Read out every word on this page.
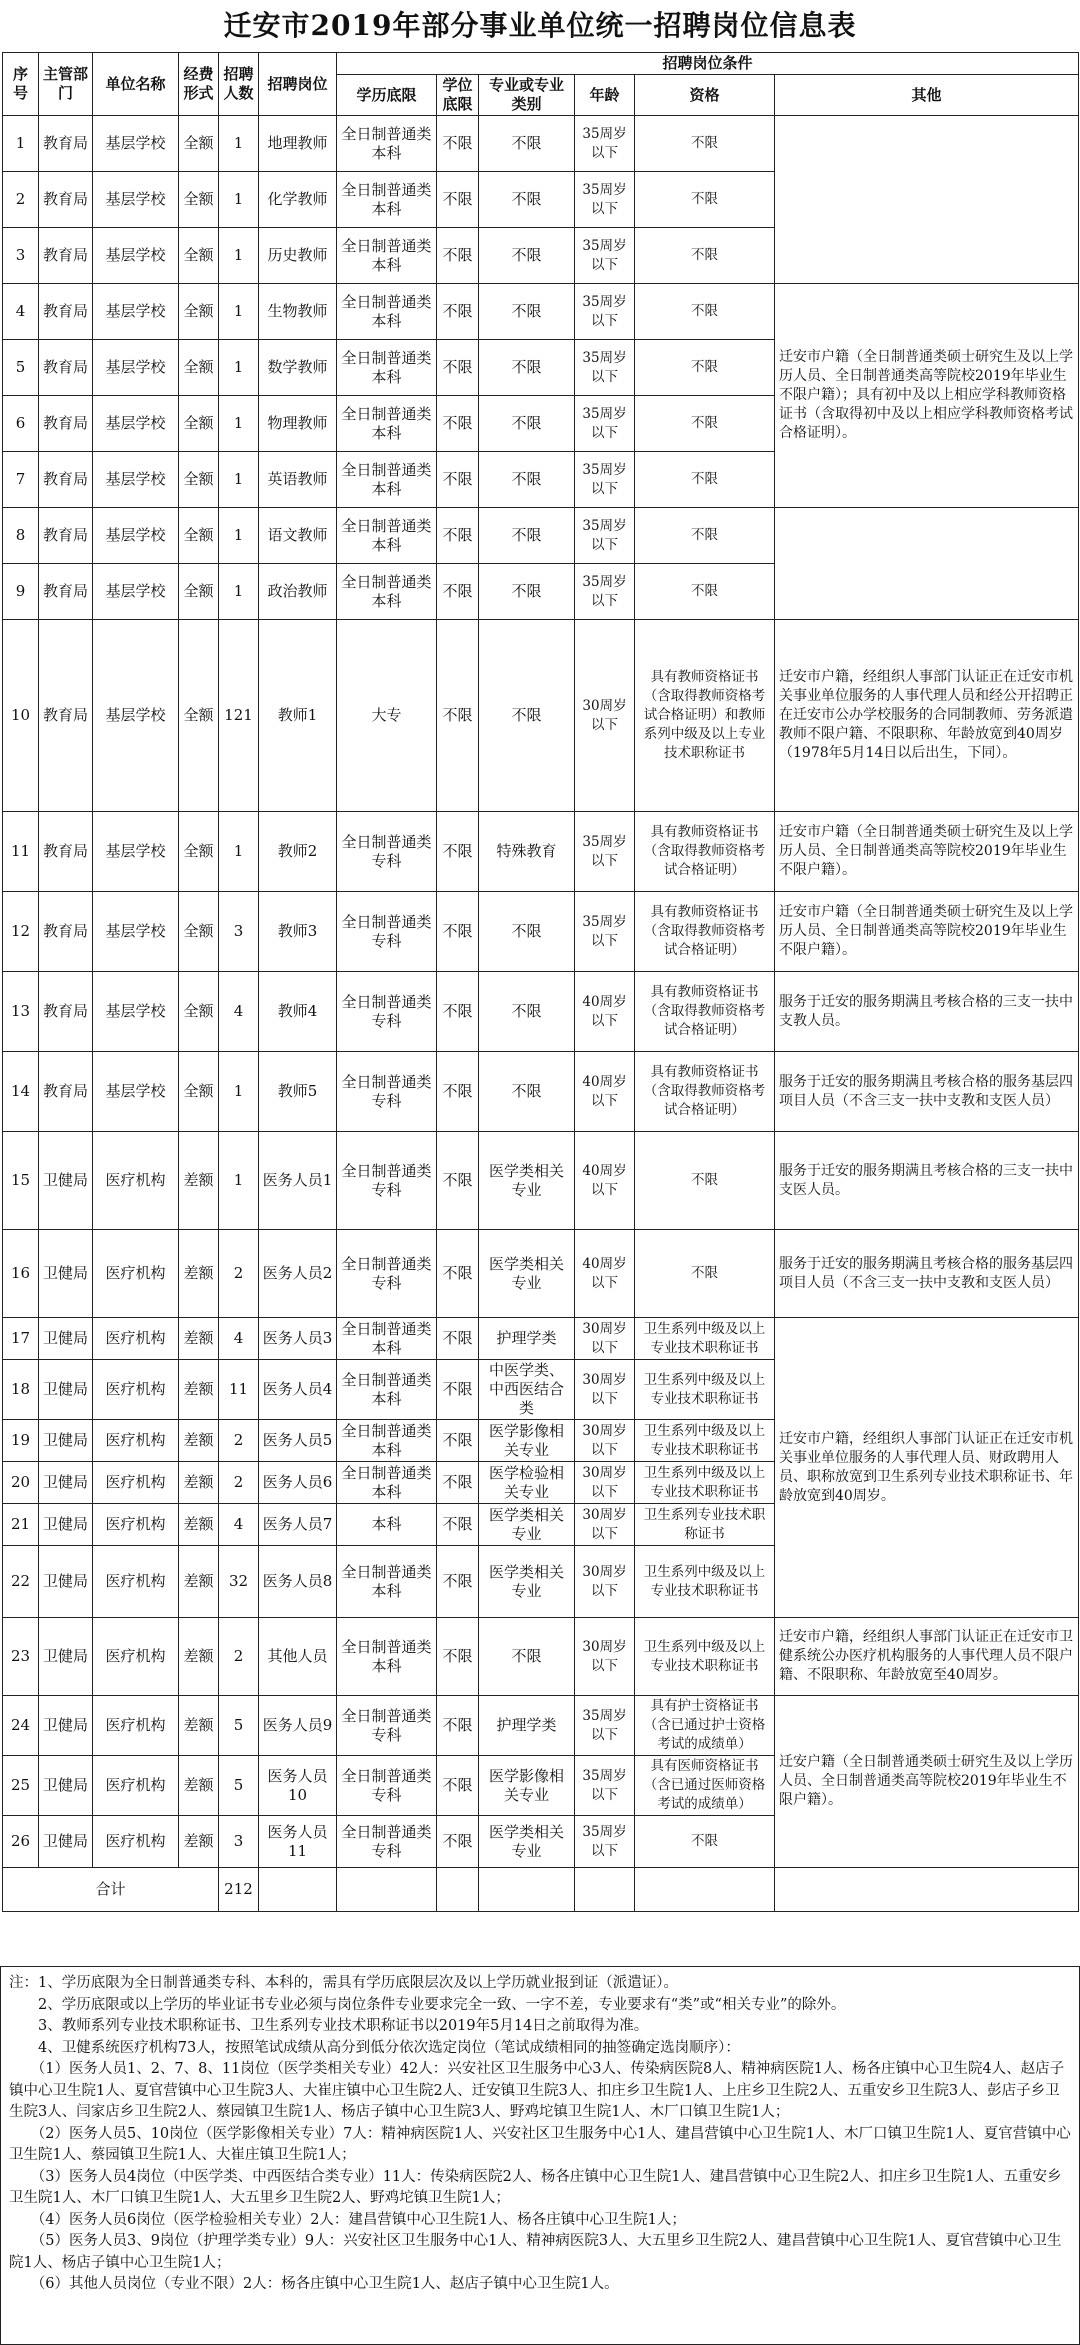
迁安市2019年部分事业单位统一招聘岗位信息表
序号	主管部门	单位名称	经费形式	招聘人数	招聘岗位	招聘岗位条件						
						学历底限	学位底限	专业或专业类别	年龄	资格	其他	
1	教育局	基层学校	全额	1	地理教师	全日制普通类本科	不限	不限	35周岁以下	不限		
2	教育局	基层学校	全额	1	化学教师	全日制普通类本科	不限	不限	35周岁以下	不限		
3	教育局	基层学校	全额	1	历史教师	全日制普通类本科	不限	不限	35周岁以下	不限		
4	教育局	基层学校	全额	1	生物教师	全日制普通类本科	不限	不限	35周岁以下	不限	迁安市户籍（全日制普通类硕士研究生及以上学历人员、全日制普通类高等院校2019年毕业生不限户籍）；具有初中及以上相应学科教师资格证书（含取得初中及以上相应学科教师资格考试合格证明）。	
5	教育局	基层学校	全额	1	数学教师	全日制普通类本科	不限	不限	35周岁以下	不限		
6	教育局	基层学校	全额	1	物理教师	全日制普通类本科	不限	不限	35周岁以下	不限		
7	教育局	基层学校	全额	1	英语教师	全日制普通类本科	不限	不限	35周岁以下	不限		
8	教育局	基层学校	全额	1	语文教师	全日制普通类本科	不限	不限	35周岁以下	不限		
9	教育局	基层学校	全额	1	政治教师	全日制普通类本科	不限	不限	35周岁以下	不限		
10	教育局	基层学校	全额	121	教师1	大专	不限	不限	30周岁以下	具有教师资格证书（含取得教师资格考试合格证明）和教师系列中级及以上专业技术职称证书	迁安市户籍，经组织人事部门认证正在迁安市机关事业单位服务的人事代理人员和经公开招聘正在迁安市公办学校服务的合同制教师、劳务派遣教师不限户籍、不限职称、年龄放宽到40周岁（1978年5月14日以后出生，下同）。	
11	教育局	基层学校	全额	1	教师2	全日制普通类专科	不限	特殊教育	35周岁以下	具有教师资格证书（含取得教师资格考试合格证明）	迁安市户籍（全日制普通类硕士研究生及以上学历人员、全日制普通类高等院校2019年毕业生不限户籍）。	
12	教育局	基层学校	全额	3	教师3	全日制普通类专科	不限	不限	35周岁以下	具有教师资格证书（含取得教师资格考试合格证明）	迁安市户籍（全日制普通类硕士研究生及以上学历人员、全日制普通类高等院校2019年毕业生不限户籍）。	
13	教育局	基层学校	全额	4	教师4	全日制普通类专科	不限	不限	40周岁以下	具有教师资格证书（含取得教师资格考试合格证明）	服务于迁安的服务期满且考核合格的三支一扶中支教人员。	
14	教育局	基层学校	全额	1	教师5	全日制普通类专科	不限	不限	40周岁以下	具有教师资格证书（含取得教师资格考试合格证明）	服务于迁安的服务期满且考核合格的服务基层四项目人员（不含三支一扶中支教和支医人员）	
15	卫健局	医疗机构	差额	1	医务人员1	全日制普通类专科	不限	医学类相关专业	40周岁以下	不限	服务于迁安的服务期满且考核合格的三支一扶中支医人员。	
16	卫健局	医疗机构	差额	2	医务人员2	全日制普通类专科	不限	医学类相关专业	40周岁以下	不限	服务于迁安的服务期满且考核合格的服务基层四项目人员（不含三支一扶中支教和支医人员）	
17	卫健局	医疗机构	差额	4	医务人员3	全日制普通类本科	不限	护理学类	30周岁以下	卫生系列中级及以上专业技术职称证书	迁安市户籍，经组织人事部门认证正在迁安市机关事业单位服务的人事代理人员、财政聘用人员、职称放宽到卫生系列专业技术职称证书、年龄放宽到40周岁。	
18	卫健局	医疗机构	差额	11	医务人员4	全日制普通类本科	不限	中医学类、中西医结合类	30周岁以下	卫生系列中级及以上专业技术职称证书		
19	卫健局	医疗机构	差额	2	医务人员5	全日制普通类本科	不限	医学影像相关专业	30周岁以下	卫生系列中级及以上专业技术职称证书		
20	卫健局	医疗机构	差额	2	医务人员6	全日制普通类本科	不限	医学检验相关专业	30周岁以下	卫生系列中级及以上专业技术职称证书		
21	卫健局	医疗机构	差额	4	医务人员7	本科	不限	医学类相关专业	30周岁以下	卫生系列专业技术职称证书		
22	卫健局	医疗机构	差额	32	医务人员8	全日制普通类本科	不限	医学类相关专业	30周岁以下	卫生系列中级及以上专业技术职称证书		
23	卫健局	医疗机构	差额	2	其他人员	全日制普通类本科	不限	不限	30周岁以下	卫生系列中级及以上专业技术职称证书	迁安市户籍，经组织人事部门认证正在迁安市卫健系统公办医疗机构服务的人事代理人员不限户籍、不限职称、年龄放宽至40周岁。	
24	卫健局	医疗机构	差额	5	医务人员9	全日制普通类专科	不限	护理学类	35周岁以下	具有护士资格证书（含已通过护士资格考试的成绩单）	迁安户籍（全日制普通类硕士研究生及以上学历人员、全日制普通类高等院校2019年毕业生不限户籍）。	
25	卫健局	医疗机构	差额	5	医务人员10	全日制普通类专科	不限	医学影像相关专业	35周岁以下	具有医师资格证书（含已通过医师资格考试的成绩单）		
26	卫健局	医疗机构	差额	3	医务人员11	全日制普通类专科	不限	医学类相关专业	35周岁以下	不限		
合计				212								

注：1、学历底限为全日制普通类专科、本科的，需具有学历底限层次及以上学历就业报到证（派遣证）。

　　2、学历底限或以上学历的毕业证书专业必须与岗位条件专业要求完全一致、一字不差，专业要求有“类”或“相关专业”的除外。

　　3、教师系列专业技术职称证书、卫生系列专业技术职称证书以2019年5月14日之前取得为准。

　　4、卫健系统医疗机构73人，按照笔试成绩从高分到低分依次选定岗位（笔试成绩相同的抽签确定选岗顺序）：

　　（1）医务人员1、2、7、8、11岗位（医学类相关专业）42人：兴安社区卫生服务中心3人、传染病医院8人、精神病医院1人、杨各庄镇中心卫生院4人、赵店子镇中心卫生院1人、夏官营镇中心卫生院3人、大崔庄镇中心卫生院2人、迁安镇卫生院3人、扣庄乡卫生院1人、上庄乡卫生院2人、五重安乡卫生院3人、彭店子乡卫生院3人、闫家店乡卫生院2人、蔡园镇卫生院1人、杨店子镇中心卫生院3人、野鸡坨镇卫生院1人、木厂口镇卫生院1人；

　　（2）医务人员5、10岗位（医学影像相关专业）7人：精神病医院1人、兴安社区卫生服务中心1人、建昌营镇中心卫生院1人、木厂口镇卫生院1人、夏官营镇中心卫生院1人、蔡园镇卫生院1人、大崔庄镇卫生院1人；

　　（3）医务人员4岗位（中医学类、中西医结合类专业）11人：传染病医院2人、杨各庄镇中心卫生院1人、建昌营镇中心卫生院2人、扣庄乡卫生院1人、五重安乡卫生院1人、木厂口镇卫生院1人、大五里乡卫生院2人、野鸡坨镇卫生院1人；

　　（4）医务人员6岗位（医学检验相关专业）2人：建昌营镇中心卫生院1人、杨各庄镇中心卫生院1人；

　　（5）医务人员3、9岗位（护理学类专业）9人：兴安社区卫生服务中心1人、精神病医院3人、大五里乡卫生院2人、建昌营镇中心卫生院1人、夏官营镇中心卫生院1人、杨店子镇中心卫生院1人；

　　（6）其他人员岗位（专业不限）2人：杨各庄镇中心卫生院1人、赵店子镇中心卫生院1人。
